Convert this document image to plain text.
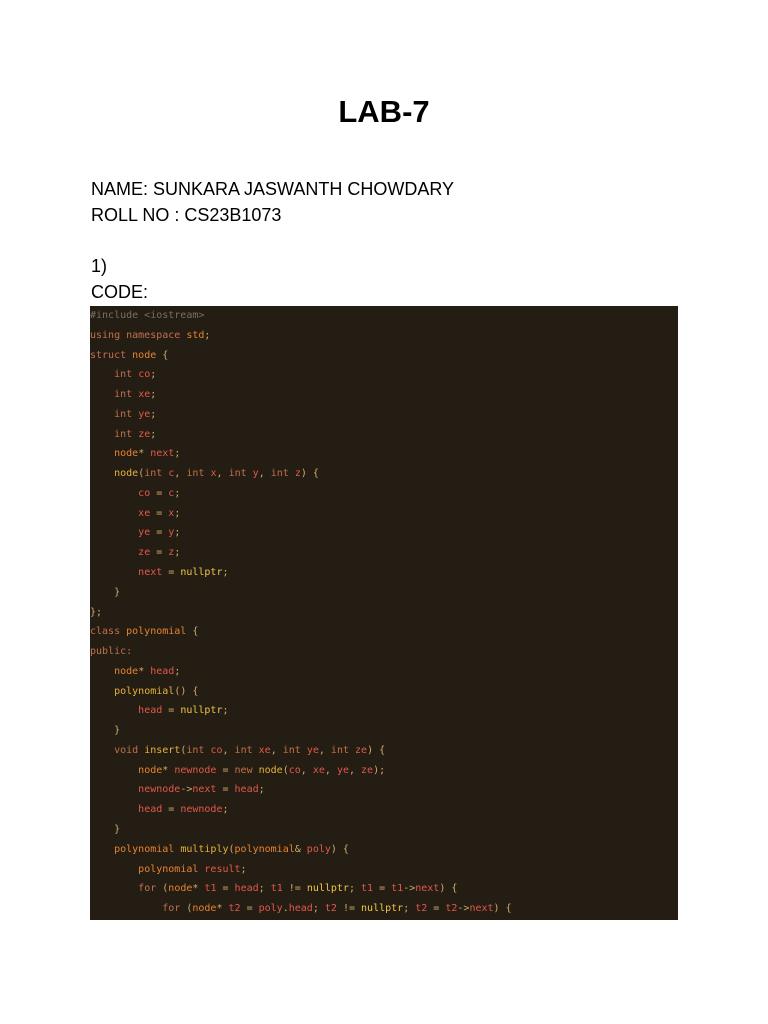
LAB-7
NAME: SUNKARA JASWANTH CHOWDARY
ROLL NO : CS23B1073
1)
CODE:
#include <iostream>
using namespace std;
struct node {
int co;
int xe;
int ye;
int ze;
node* next;
node(int c, int x, int y, int z) {
co = c;
xe = x;
ye = y;
ze = z;
next = nullptr;
}
};
class polynomial {
public:
node* head;
polynomial() {
head = nullptr;
}
void insert(int co, int xe, int ye, int ze) {
node* newnode = new node(co, xe, ye, ze);
newnode->next = head;
head = newnode;
}
polynomial multiply(polynomial& poly) {
polynomial result;
for (node* t1 = head; t1 != nullptr; t1 = t1->next) {
for (node* t2 = poly.head; t2 != nullptr; t2 = t2->next) {
